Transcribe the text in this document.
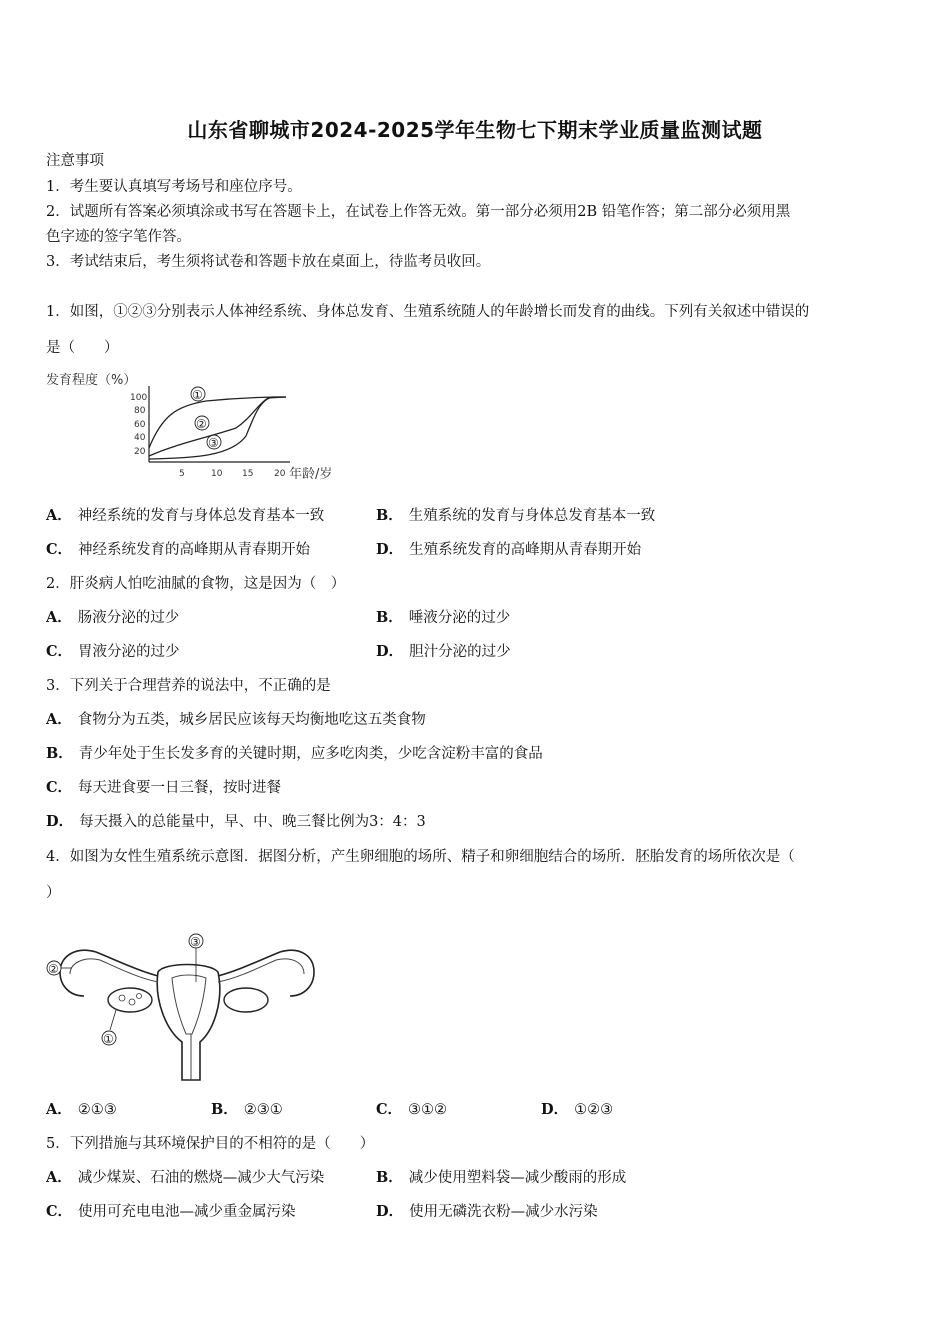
山东省聊城市2024-2025学年生物七下期末学业质量监测试题
注意事项
1．考生要认真填写考场号和座位序号。
2．试题所有答案必须填涂或书写在答题卡上，在试卷上作答无效。第一部分必须用2B 铅笔作答；第二部分必须用黑
色字迹的签字笔作答。
3．考试结束后，考生须将试卷和答题卡放在桌面上，待监考员收回。
1．如图，①②③分别表示人体神经系统、身体总发育、生殖系统随人的年龄增长而发育的曲线。下列有关叙述中错误的
是（　　）
发育程度（%）
100
80
60
40
20
5	10 15 20 年龄/岁
①
②
③
A． 神经系统的发育与身体总发育基本一致	B． 生殖系统的发育与身体总发育基本一致
C． 神经系统发育的高峰期从青春期开始	D． 生殖系统发育的高峰期从青春期开始
2．肝炎病人怕吃油腻的食物，这是因为（　）
A． 肠液分泌的过少	B． 唾液分泌的过少
C． 胃液分泌的过少	D． 胆汁分泌的过少
3．下列关于合理营养的说法中，不正确的是
A． 食物分为五类，城乡居民应该每天均衡地吃这五类食物
B． 青少年处于生长发多育的关键时期，应多吃肉类，少吃含淀粉丰富的食品
C． 每天进食要一日三餐，按时进餐
D． 每天摄入的总能量中，早、中、晚三餐比例为3：4：3
4．如图为女性生殖系统示意图．据图分析，产生卵细胞的场所、精子和卵细胞结合的场所．胚胎发育的场所依次是（
）
②
③
①
A． ②①③	B． ②③①	C． ③①②	D． ①②③
5．下列措施与其环境保护目的不相符的是（　　）
A． 减少煤炭、石油的燃烧—减少大气污染	B． 减少使用塑料袋—减少酸雨的形成
C． 使用可充电电池—减少重金属污染	D． 使用无磷洗衣粉—减少水污染
